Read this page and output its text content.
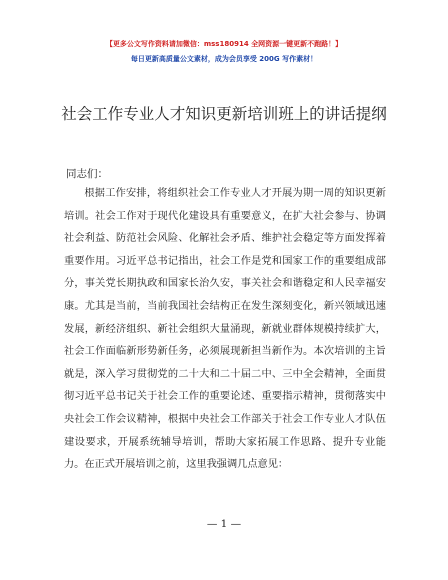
【更多公文写作资料请加微信：mss180914 全网资源一键更新不跑路！】
每日更新高质量公文素材，成为会员享受 200G 写作素材！
社会工作专业人才知识更新培训班上的讲话提纲
同志们：

根据工作安排，将组织社会工作专业人才开展为期一周的知识更新培训。社会工作对于现代化建设具有重要意义，在扩大社会参与、协调社会利益、防范社会风险、化解社会矛盾、维护社会稳定等方面发挥着重要作用。习近平总书记指出，社会工作是党和国家工作的重要组成部分，事关党长期执政和国家长治久安，事关社会和谐稳定和人民幸福安康。尤其是当前，当前我国社会结构正在发生深刻变化，新兴领域迅速发展，新经济组织、新社会组织大量涌现，新就业群体规模持续扩大，社会工作面临新形势新任务，必须展现新担当新作为。本次培训的主旨就是，深入学习贯彻党的二十大和二十届二中、三中全会精神，全面贯彻习近平总书记关于社会工作的重要论述、重要指示精神，贯彻落实中央社会工作会议精神，根据中央社会工作部关于社会工作专业人才队伍建设要求，开展系统辅导培训，帮助大家拓展工作思路、提升专业能力。在正式开展培训之前，这里我强调几点意见：

— 1 —
